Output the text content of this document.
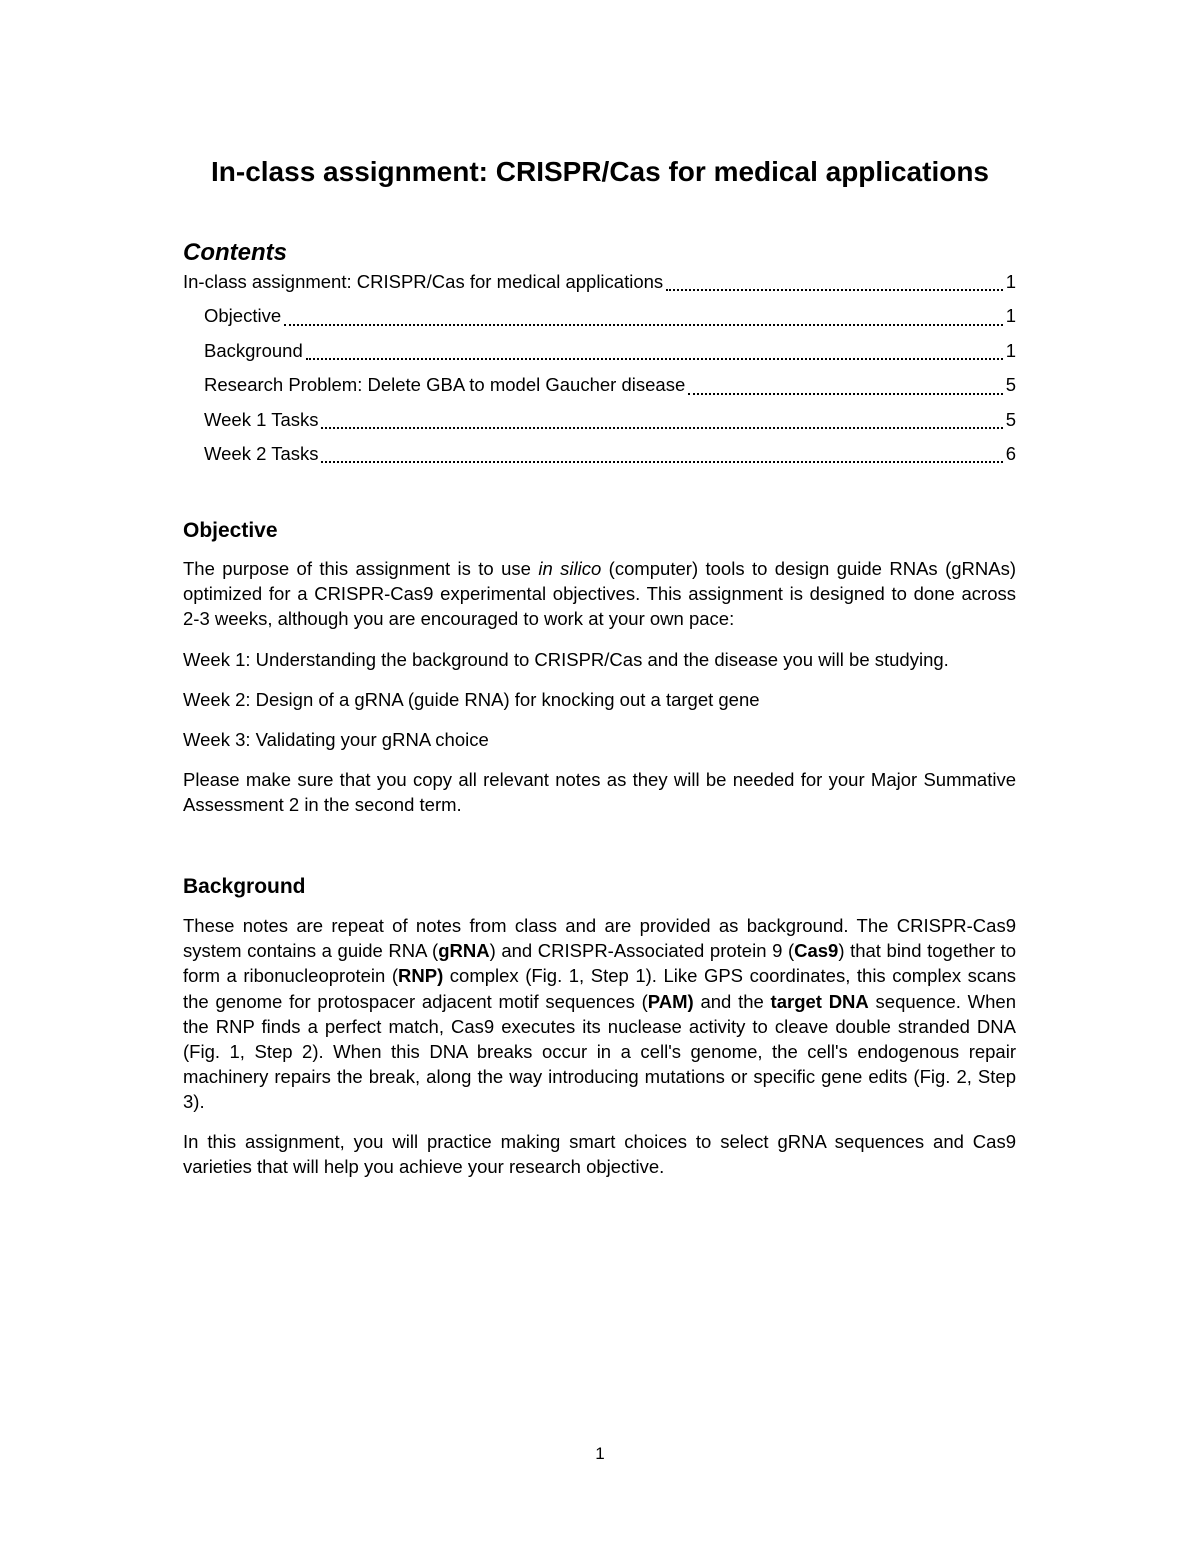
In-class assignment: CRISPR/Cas for medical applications
Contents
In-class assignment: CRISPR/Cas for medical applications	1
Objective	1
Background	1
Research Problem: Delete GBA to model Gaucher disease	5
Week 1 Tasks	5
Week 2 Tasks	6
Objective

The purpose of this assignment is to use in silico (computer) tools to design guide RNAs (gRNAs) optimized for a CRISPR-Cas9 experimental objectives. This assignment is designed to done across 2-3 weeks, although you are encouraged to work at your own pace:

Week 1: Understanding the background to CRISPR/Cas and the disease you will be studying.

Week 2: Design of a gRNA (guide RNA) for knocking out a target gene

Week 3: Validating your gRNA choice

Please make sure that you copy all relevant notes as they will be needed for your Major Summative Assessment 2 in the second term.

Background

These notes are repeat of notes from class and are provided as background. The CRISPR-Cas9 system contains a guide RNA (gRNA) and CRISPR-Associated protein 9 (Cas9) that bind together to form a ribonucleoprotein (RNP) complex (Fig. 1, Step 1). Like GPS coordinates, this complex scans the genome for protospacer adjacent motif sequences (PAM) and the target DNA sequence. When the RNP finds a perfect match, Cas9 executes its nuclease activity to cleave double stranded DNA (Fig. 1, Step 2). When this DNA breaks occur in a cell's genome, the cell's endogenous repair machinery repairs the break, along the way introducing mutations or specific gene edits (Fig. 2, Step 3).

In this assignment, you will practice making smart choices to select gRNA sequences and Cas9 varieties that will help you achieve your research objective.

1
